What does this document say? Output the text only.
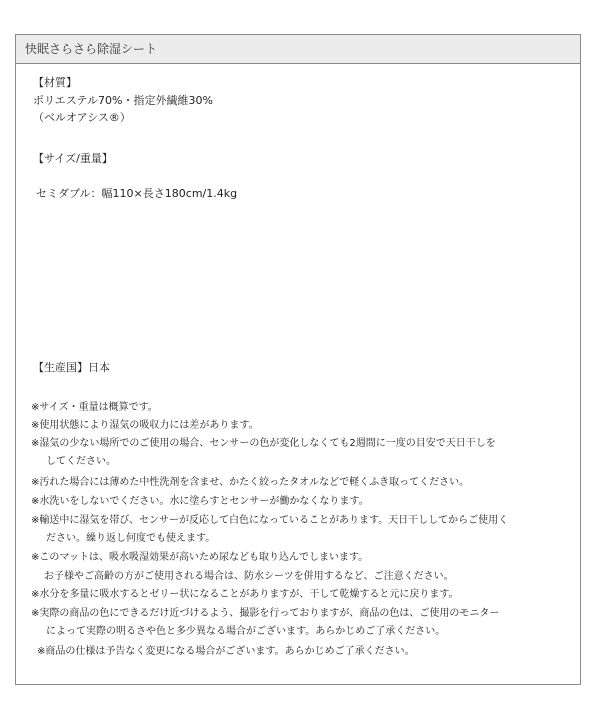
快眠さらさら除湿シート
【材質】
ポリエステル70%・指定外繊維30%
（ベルオアシス®）
【サイズ/重量】
セミダブル：幅110×長さ180cm/1.4kg
【生産国】日本
※サイズ・重量は概算です。
※使用状態により湿気の吸収力には差があります。
※湿気の少ない場所でのご使用の場合、センサーの色が変化しなくても2週間に一度の目安で天日干しを
してください。
※汚れた場合には薄めた中性洗剤を含ませ、かたく絞ったタオルなどで軽くふき取ってください。
※水洗いをしないでください。水に塗らすとセンサーが働かなくなります。
※輸送中に湿気を帯び、センサーが反応して白色になっていることがあります。天日干ししてからご使用く
ださい。繰り返し何度でも使えます。
※このマットは、吸水吸湿効果が高いため尿なども取り込んでしまいます。
お子様やご高齢の方がご使用される場合は、防水シーツを併用するなど、ご注意ください。
※水分を多量に吸水するとゼリー状になることがありますが、干して乾燥すると元に戻ります。
※実際の商品の色にできるだけ近づけるよう、撮影を行っておりますが、商品の色は、ご使用のモニター
によって実際の明るさや色と多少異なる場合がございます。あらかじめご了承ください。
※商品の仕様は予告なく変更になる場合がございます。あらかじめご了承ください。
